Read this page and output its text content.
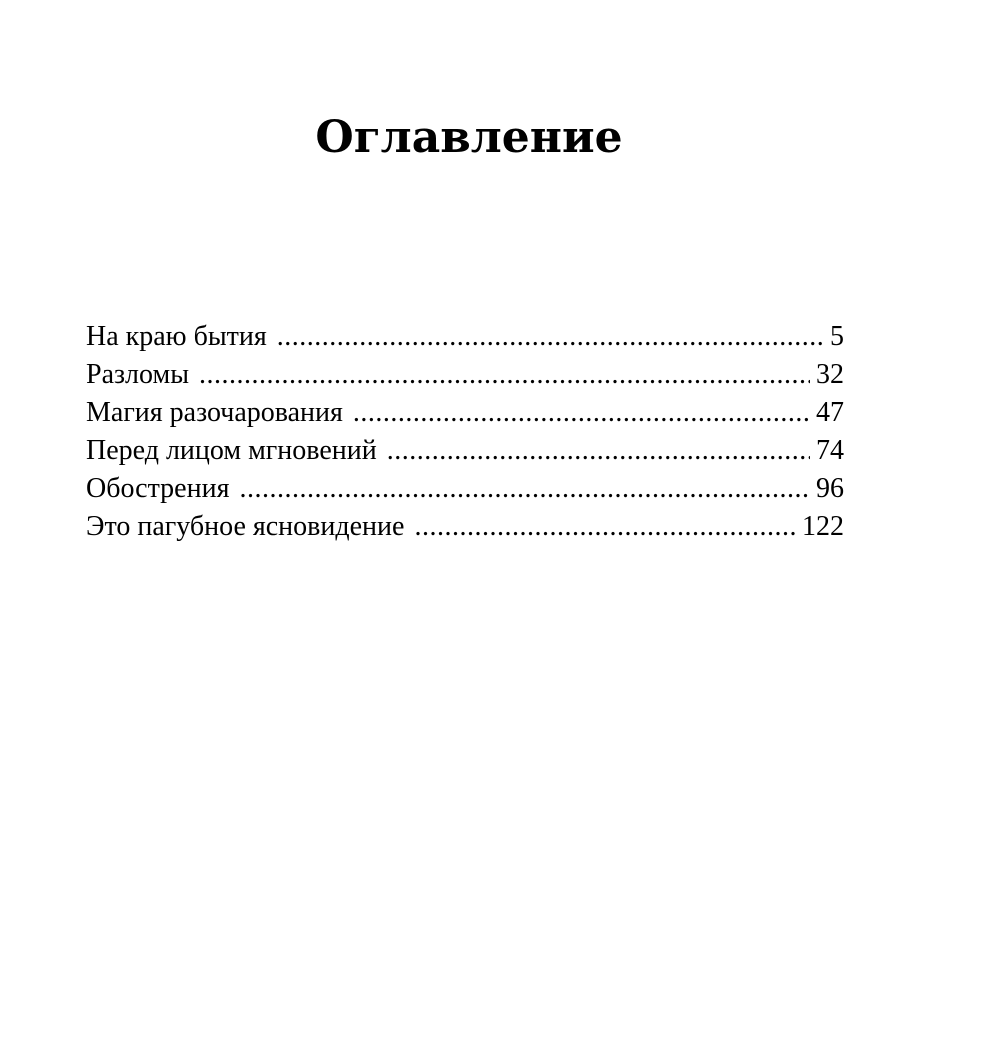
Оглавление
На краю бытия .....	5
Разломы .....	32
Магия разочарования .....	47
Перед лицом мгновений .....	74
Обострения .....	96
Это пагубное ясновидение .....	122
